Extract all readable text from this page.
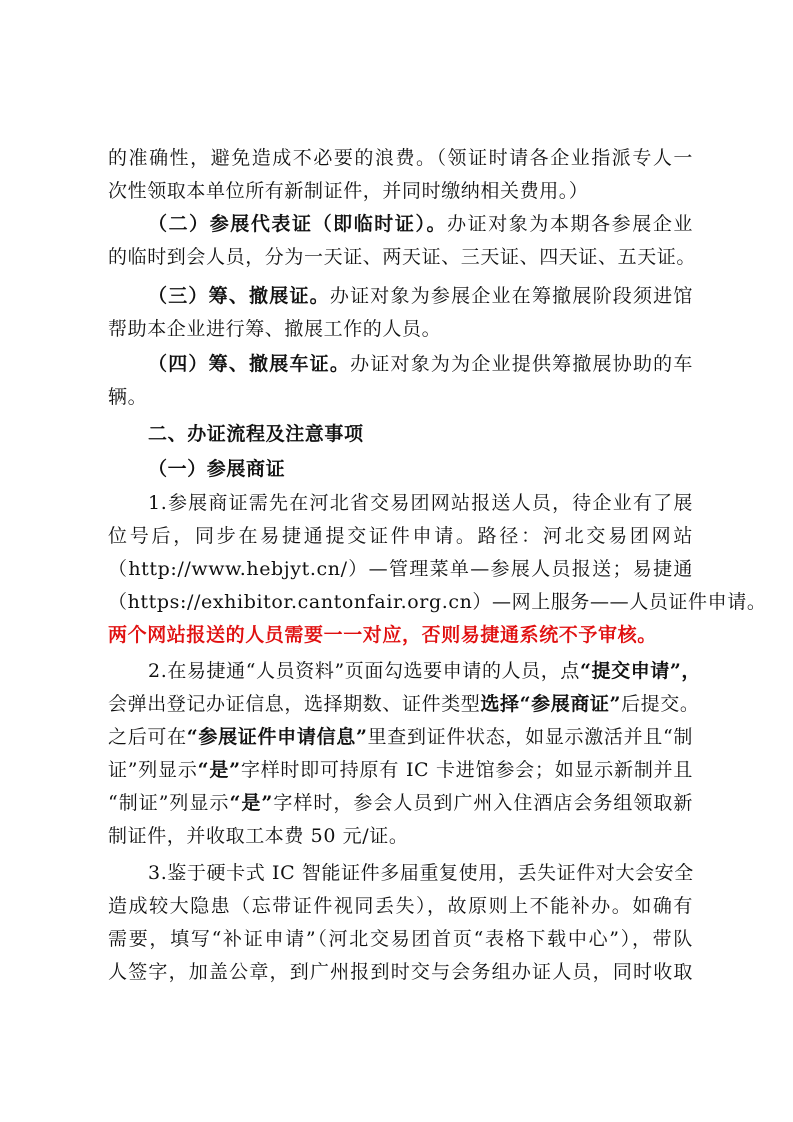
的准确性，避免造成不必要的浪费。（领证时请各企业指派专人一
次性领取本单位所有新制证件，并同时缴纳相关费用。）
（二）参展代表证（即临时证）。办证对象为本期各参展企业
的临时到会人员，分为一天证、两天证、三天证、四天证、五天证。
（三）筹、撤展证。办证对象为参展企业在筹撤展阶段须进馆
帮助本企业进行筹、撤展工作的人员。
（四）筹、撤展车证。办证对象为为企业提供筹撤展协助的车
辆。
二、办证流程及注意事项
（一）参展商证
1.参展商证需先在河北省交易团网站报送人员，待企业有了展
位号后，同步在易捷通提交证件申请。路径：河北交易团网站
（http://www.hebjyt.cn/）—管理菜单—参展人员报送；易捷通
（https://exhibitor.cantonfair.org.cn）—网上服务——人员证件申请。
两个网站报送的人员需要一一对应，否则易捷通系统不予审核。
2.在易捷通“人员资料”页面勾选要申请的人员，点“提交申请”，
会弹出登记办证信息，选择期数、证件类型选择“参展商证”后提交。
之后可在“参展证件申请信息”里查到证件状态，如显示激活并且“制
证”列显示“是”字样时即可持原有 IC 卡进馆参会；如显示新制并且
“制证”列显示“是”字样时，参会人员到广州入住酒店会务组领取新
制证件，并收取工本费 50 元/证。
3.鉴于硬卡式 IC 智能证件多届重复使用，丢失证件对大会安全
造成较大隐患（忘带证件视同丢失），故原则上不能补办。如确有
需要，填写“补证申请”（河北交易团首页“表格下载中心”），带队
人签字，加盖公章，到广州报到时交与会务组办证人员，同时收取
